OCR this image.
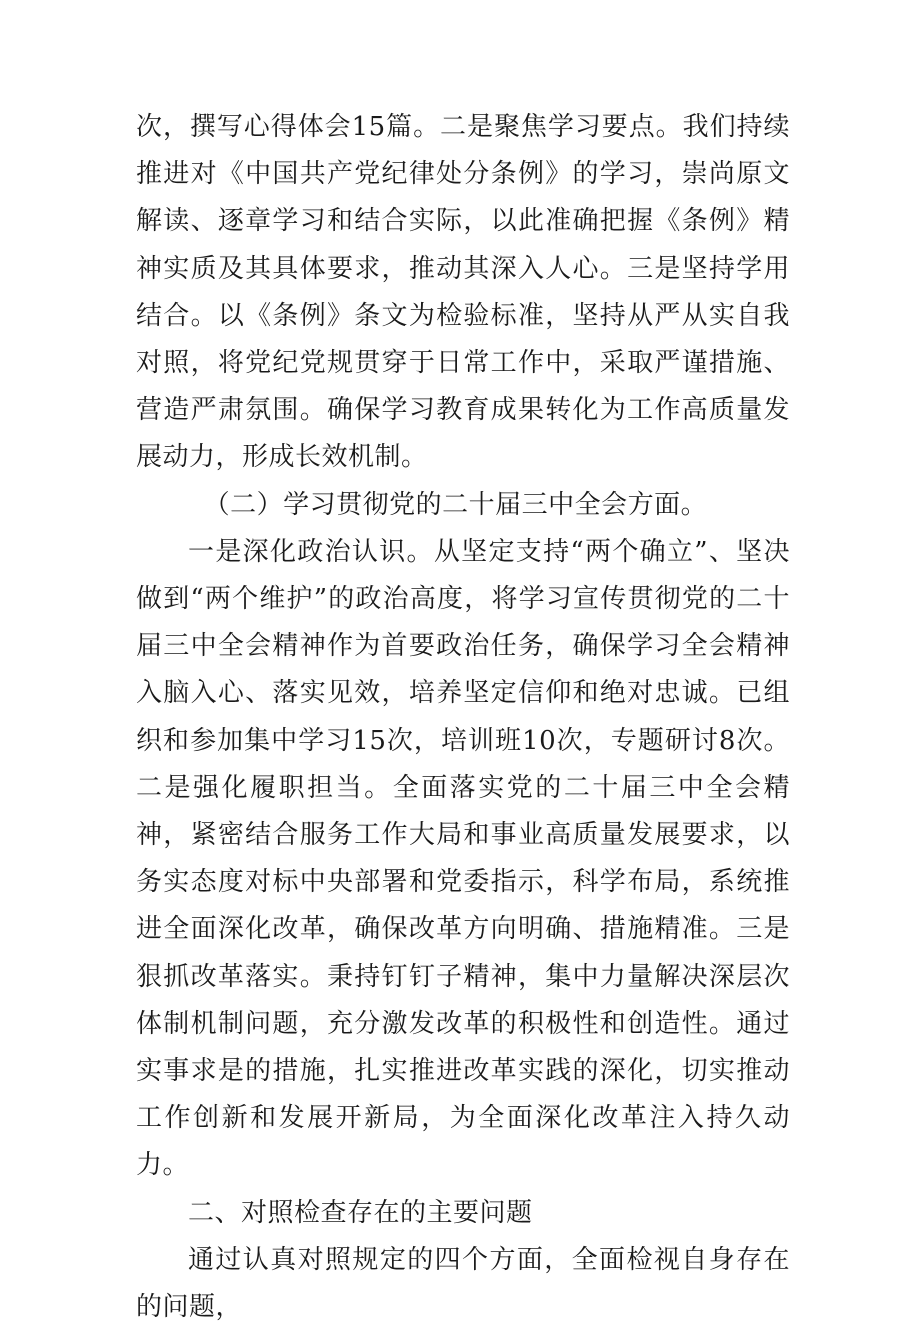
次，撰写心得体会15篇。二是聚焦学习要点。我们持续推进对《中国共产党纪律处分条例》的学习，崇尚原文解读、逐章学习和结合实际，以此准确把握《条例》精神实质及其具体要求，推动其深入人心。三是坚持学用结合。以《条例》条文为检验标准，坚持从严从实自我对照，将党纪党规贯穿于日常工作中，采取严谨措施、营造严肃氛围。确保学习教育成果转化为工作高质量发展动力，形成长效机制。

（二）学习贯彻党的二十届三中全会方面。

一是深化政治认识。从坚定支持“两个确立”、坚决做到“两个维护”的政治高度，将学习宣传贯彻党的二十届三中全会精神作为首要政治任务，确保学习全会精神入脑入心、落实见效，培养坚定信仰和绝对忠诚。已组织和参加集中学习15次，培训班10次，专题研讨8次。二是强化履职担当。全面落实党的二十届三中全会精神，紧密结合服务工作大局和事业高质量发展要求，以务实态度对标中央部署和党委指示，科学布局，系统推进全面深化改革，确保改革方向明确、措施精准。三是狠抓改革落实。秉持钉钉子精神，集中力量解决深层次体制机制问题，充分激发改革的积极性和创造性。通过实事求是的措施，扎实推进改革实践的深化，切实推动工作创新和发展开新局，为全面深化改革注入持久动力。

二、对照检查存在的主要问题

通过认真对照规定的四个方面，全面检视自身存在的问题，
